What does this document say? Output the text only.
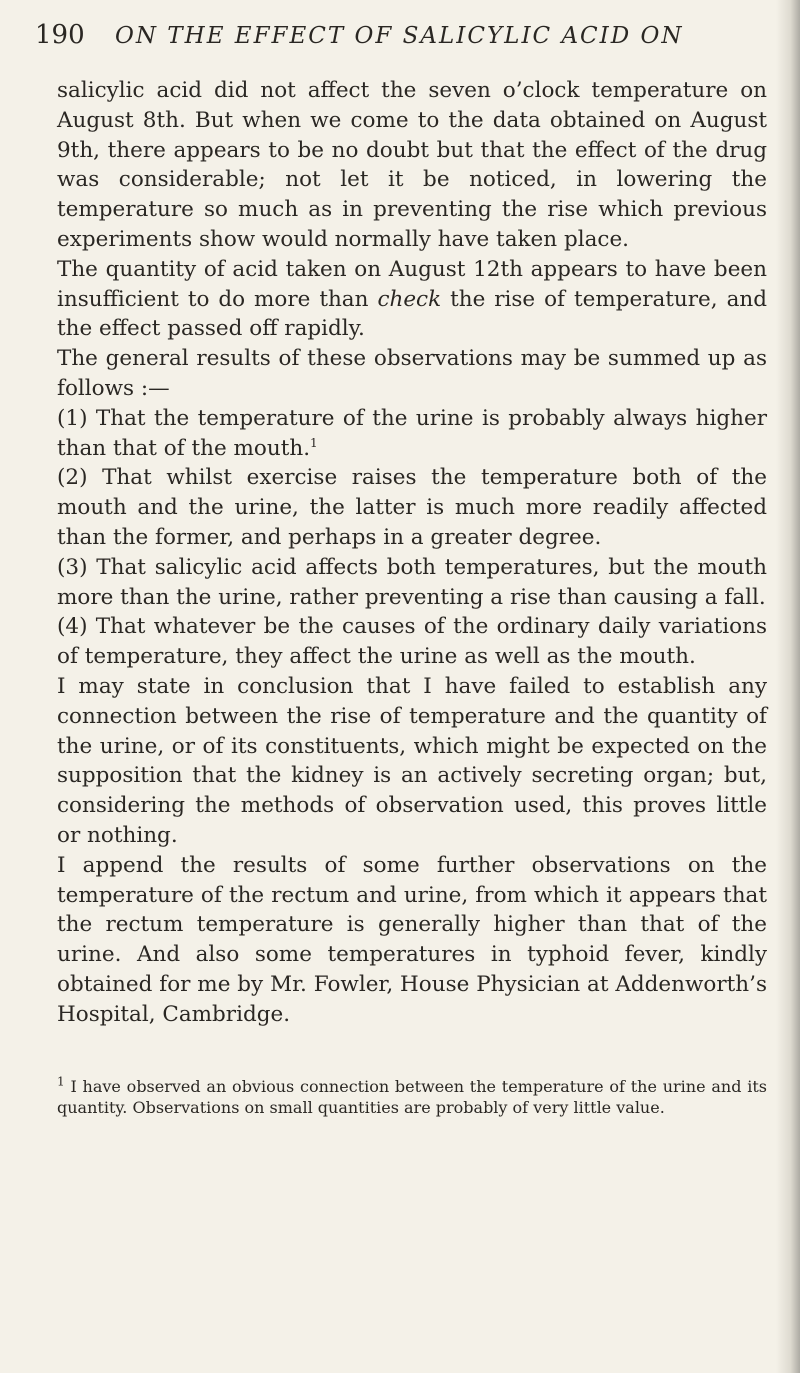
190	ON THE EFFECT OF SALICYLIC ACID ON

salicylic acid did not affect the seven o’clock temperature on August 8th. But when we come to the data obtained on August 9th, there appears to be no doubt but that the effect of the drug was considerable; not let it be noticed, in lowering the temperature so much as in preventing the rise which previous experiments show would normally have taken place.

The quantity of acid taken on August 12th appears to have been insufficient to do more than check the rise of temperature, and the effect passed off rapidly.

The general results of these observations may be summed up as follows :—

(1) That the temperature of the urine is probably always higher than that of the mouth.$^1$

(2) That whilst exercise raises the temperature both of the mouth and the urine, the latter is much more readily affected than the former, and perhaps in a greater degree.

(3) That salicylic acid affects both temperatures, but the mouth more than the urine, rather preventing a rise than causing a fall.

(4) That whatever be the causes of the ordinary daily variations of temperature, they affect the urine as well as the mouth.

I may state in conclusion that I have failed to establish any connection between the rise of temperature and the quantity of the urine, or of its constituents, which might be expected on the supposition that the kidney is an actively secreting organ; but, considering the methods of observation used, this proves little or nothing.

I append the results of some further observations on the temperature of the rectum and urine, from which it appears that the rectum temperature is generally higher than that of the urine. And also some temperatures in typhoid fever, kindly obtained for me by Mr. Fowler, House Physician at Addenworth’s Hospital, Cambridge.

$^1$ I have observed an obvious connection between the temperature of the urine and its quantity. Observations on small quantities are probably of very little value.
